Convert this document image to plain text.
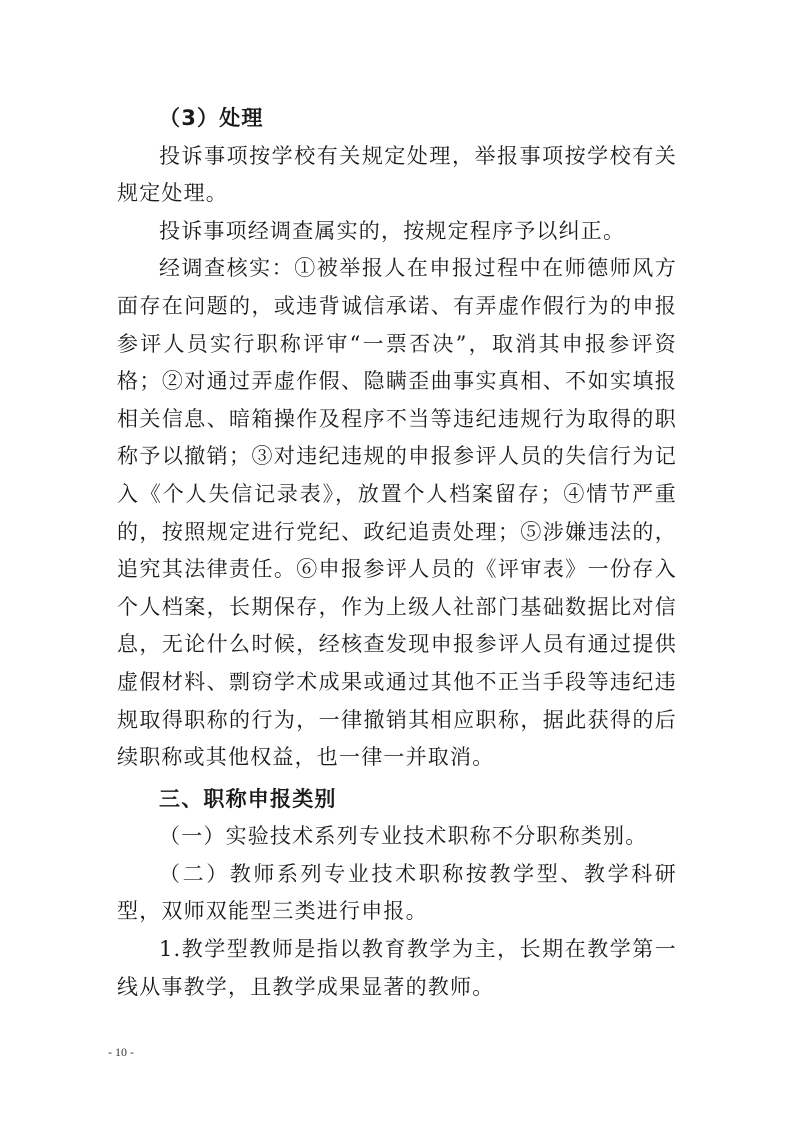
（3）处理

投诉事项按学校有关规定处理，举报事项按学校有关规定处理。

投诉事项经调查属实的，按规定程序予以纠正。

经调查核实：①被举报人在申报过程中在师德师风方面存在问题的，或违背诚信承诺、有弄虚作假行为的申报参评人员实行职称评审“一票否决”，取消其申报参评资格；②对通过弄虚作假、隐瞒歪曲事实真相、不如实填报相关信息、暗箱操作及程序不当等违纪违规行为取得的职称予以撤销；③对违纪违规的申报参评人员的失信行为记入《个人失信记录表》，放置个人档案留存；④情节严重的，按照规定进行党纪、政纪追责处理；⑤涉嫌违法的，追究其法律责任。⑥申报参评人员的《评审表》一份存入个人档案，长期保存，作为上级人社部门基础数据比对信息，无论什么时候，经核查发现申报参评人员有通过提供虚假材料、剽窃学术成果或通过其他不正当手段等违纪违规取得职称的行为，一律撤销其相应职称，据此获得的后续职称或其他权益，也一律一并取消。

三、职称申报类别

（一）实验技术系列专业技术职称不分职称类别。

（二）教师系列专业技术职称按教学型、教学科研型，双师双能型三类进行申报。

1.教学型教师是指以教育教学为主，长期在教学第一线从事教学，且教学成果显著的教师。

- 10 -
